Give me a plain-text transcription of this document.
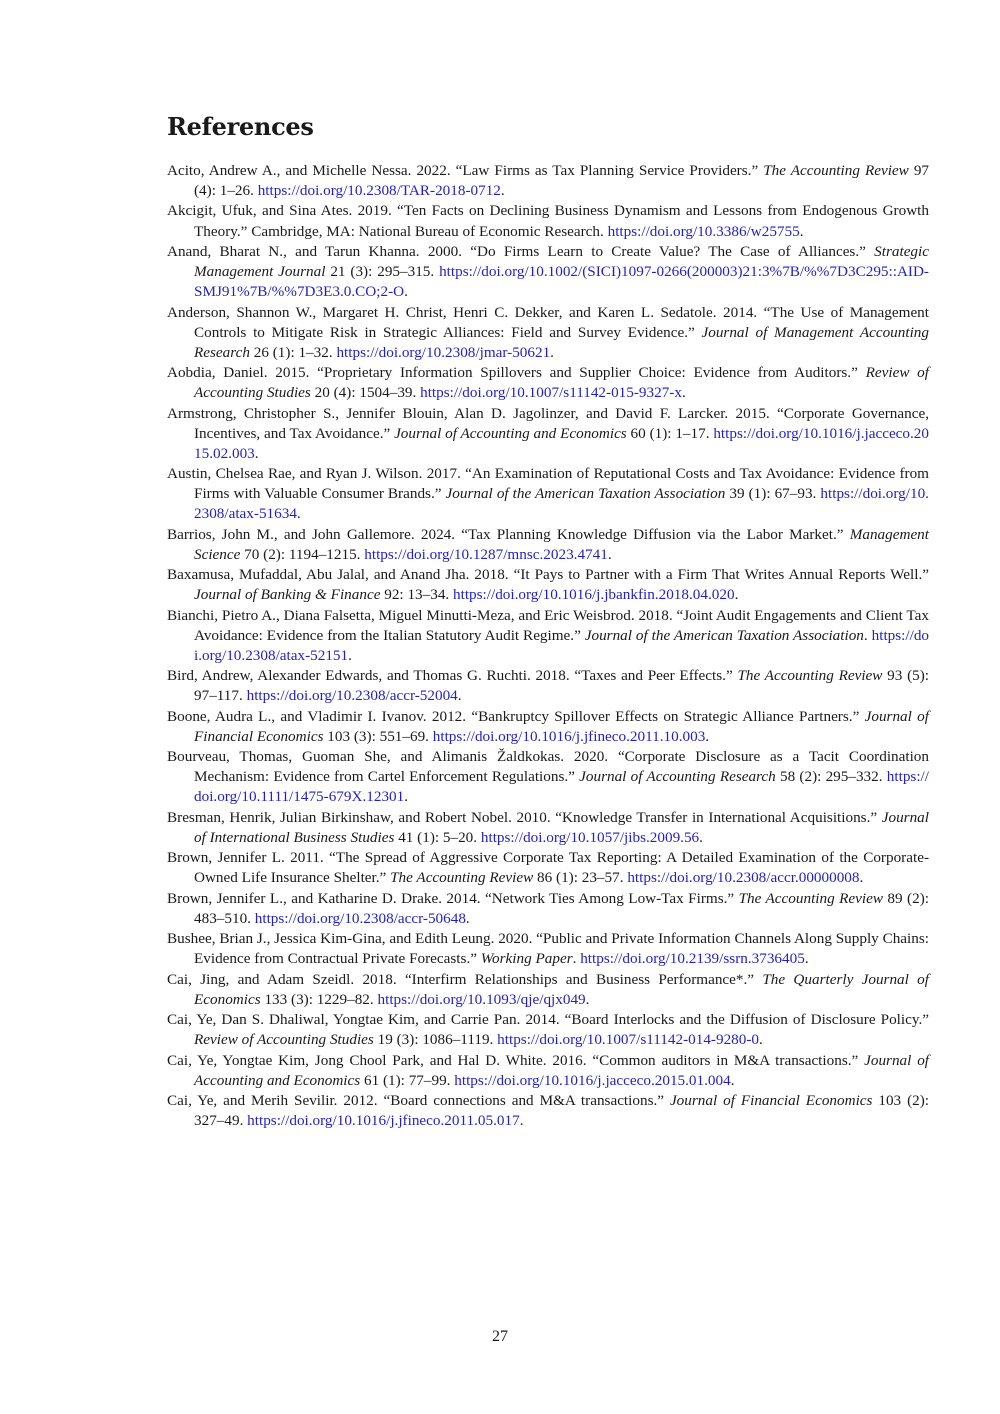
References
Acito, Andrew A., and Michelle Nessa. 2022. “Law Firms as Tax Planning Service Providers.” The Accounting Review 97 (4): 1–26. https://doi.org/10.2308/TAR-2018-0712.
Akcigit, Ufuk, and Sina Ates. 2019. “Ten Facts on Declining Business Dynamism and Lessons from Endogenous Growth Theory.” Cambridge, MA: National Bureau of Economic Research. https://doi.org/10.3386/w25755.
Anand, Bharat N., and Tarun Khanna. 2000. “Do Firms Learn to Create Value? The Case of Alliances.” Strategic Management Journal 21 (3): 295–315. https://doi.org/10.1002/(SICI)1097-0266(200003)21:3%7B/%%7D3C295::AID-SMJ91%7B/%%7D3E3.0.CO;2-O.
Anderson, Shannon W., Margaret H. Christ, Henri C. Dekker, and Karen L. Sedatole. 2014. “The Use of Management Controls to Mitigate Risk in Strategic Alliances: Field and Survey Evidence.” Journal of Management Accounting Research 26 (1): 1–32. https://doi.org/10.2308/jmar-50621.
Aobdia, Daniel. 2015. “Proprietary Information Spillovers and Supplier Choice: Evidence from Auditors.” Review of Accounting Studies 20 (4): 1504–39. https://doi.org/10.1007/s11142-015-9327-x.
Armstrong, Christopher S., Jennifer Blouin, Alan D. Jagolinzer, and David F. Larcker. 2015. “Corporate Governance, Incentives, and Tax Avoidance.” Journal of Accounting and Economics 60 (1): 1–17. https://doi.org/10.1016/j.jacceco.2015.02.003.
Austin, Chelsea Rae, and Ryan J. Wilson. 2017. “An Examination of Reputational Costs and Tax Avoidance: Evidence from Firms with Valuable Consumer Brands.” Journal of the American Taxation Association 39 (1): 67–93. https://doi.org/10.2308/atax-51634.
Barrios, John M., and John Gallemore. 2024. “Tax Planning Knowledge Diffusion via the Labor Market.” Management Science 70 (2): 1194–1215. https://doi.org/10.1287/mnsc.2023.4741.
Baxamusa, Mufaddal, Abu Jalal, and Anand Jha. 2018. “It Pays to Partner with a Firm That Writes Annual Reports Well.” Journal of Banking & Finance 92: 13–34. https://doi.org/10.1016/j.jbankfin.2018.04.020.
Bianchi, Pietro A., Diana Falsetta, Miguel Minutti-Meza, and Eric Weisbrod. 2018. “Joint Audit Engagements and Client Tax Avoidance: Evidence from the Italian Statutory Audit Regime.” Journal of the American Taxation Association. https://doi.org/10.2308/atax-52151.
Bird, Andrew, Alexander Edwards, and Thomas G. Ruchti. 2018. “Taxes and Peer Effects.” The Accounting Review 93 (5): 97–117. https://doi.org/10.2308/accr-52004.
Boone, Audra L., and Vladimir I. Ivanov. 2012. “Bankruptcy Spillover Effects on Strategic Alliance Partners.” Journal of Financial Economics 103 (3): 551–69. https://doi.org/10.1016/j.jfineco.2011.10.003.
Bourveau, Thomas, Guoman She, and Alimanis Žaldkokas. 2020. “Corporate Disclosure as a Tacit Coordination Mechanism: Evidence from Cartel Enforcement Regulations.” Journal of Accounting Research 58 (2): 295–332. https://doi.org/10.1111/1475-679X.12301.
Bresman, Henrik, Julian Birkinshaw, and Robert Nobel. 2010. “Knowledge Transfer in International Acquisitions.” Journal of International Business Studies 41 (1): 5–20. https://doi.org/10.1057/jibs.2009.56.
Brown, Jennifer L. 2011. “The Spread of Aggressive Corporate Tax Reporting: A Detailed Examination of the Corporate-Owned Life Insurance Shelter.” The Accounting Review 86 (1): 23–57. https://doi.org/10.2308/accr.00000008.
Brown, Jennifer L., and Katharine D. Drake. 2014. “Network Ties Among Low-Tax Firms.” The Accounting Review 89 (2): 483–510. https://doi.org/10.2308/accr-50648.
Bushee, Brian J., Jessica Kim-Gina, and Edith Leung. 2020. “Public and Private Information Channels Along Supply Chains: Evidence from Contractual Private Forecasts.” Working Paper. https://doi.org/10.2139/ssrn.3736405.
Cai, Jing, and Adam Szeidl. 2018. “Interfirm Relationships and Business Performance*.” The Quarterly Journal of Economics 133 (3): 1229–82. https://doi.org/10.1093/qje/qjx049.
Cai, Ye, Dan S. Dhaliwal, Yongtae Kim, and Carrie Pan. 2014. “Board Interlocks and the Diffusion of Disclosure Policy.” Review of Accounting Studies 19 (3): 1086–1119. https://doi.org/10.1007/s11142-014-9280-0.
Cai, Ye, Yongtae Kim, Jong Chool Park, and Hal D. White. 2016. “Common auditors in M&A transactions.” Journal of Accounting and Economics 61 (1): 77–99. https://doi.org/10.1016/j.jacceco.2015.01.004.
Cai, Ye, and Merih Sevilir. 2012. “Board connections and M&A transactions.” Journal of Financial Economics 103 (2): 327–49. https://doi.org/10.1016/j.jfineco.2011.05.017.
27
